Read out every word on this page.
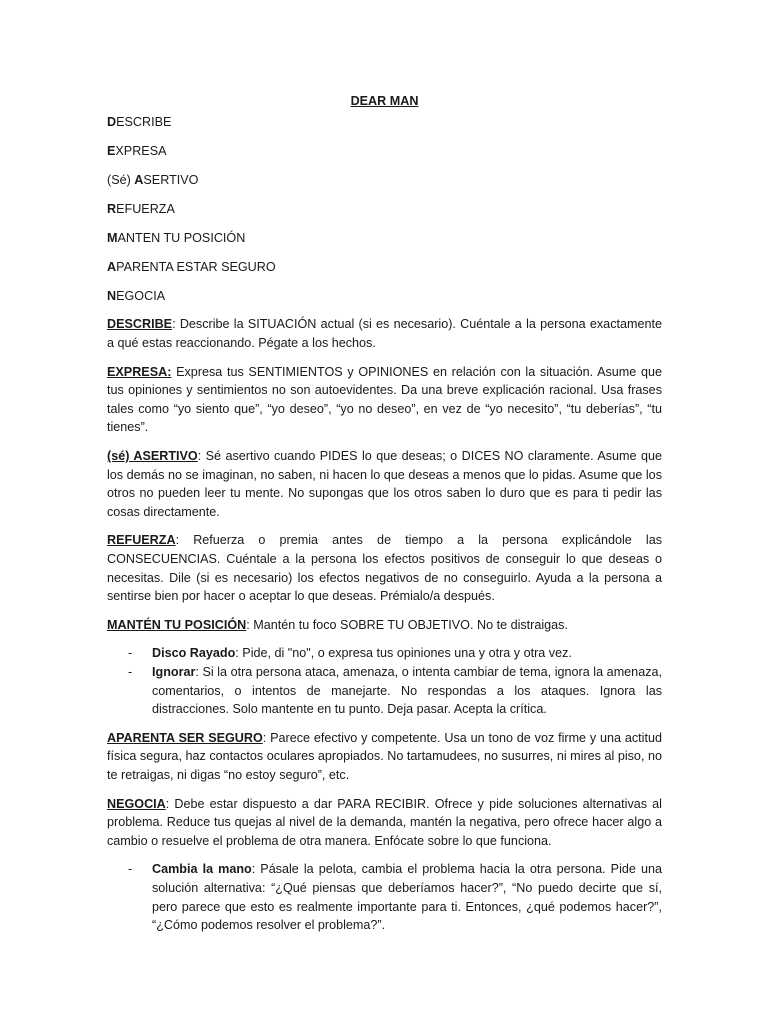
DEAR MAN
DESCRIBE
EXPRESA
(Sé) ASERTIVO
REFUERZA
MANTEN TU POSICIÓN
APARENTA ESTAR SEGURO
NEGOCIA

DESCRIBE: Describe la SITUACIÓN actual (si es necesario). Cuéntale a la persona exactamente a qué estas reaccionando. Pégate a los hechos.

EXPRESA: Expresa tus SENTIMIENTOS y OPINIONES en relación con la situación. Asume que tus opiniones y sentimientos no son autoevidentes. Da una breve explicación racional. Usa frases tales como “yo siento que”, “yo deseo”, “yo no deseo”, en vez de “yo necesito”, “tu deberías”, “tu tienes”.

(sé) ASERTIVO: Sé asertivo cuando PIDES lo que deseas; o DICES NO claramente. Asume que los demás no se imaginan, no saben, ni hacen lo que deseas a menos que lo pidas. Asume que los otros no pueden leer tu mente. No supongas que los otros saben lo duro que es para ti pedir las cosas directamente.

REFUERZA: Refuerza o premia antes de tiempo a la persona explicándole las CONSECUENCIAS. Cuéntale a la persona los efectos positivos de conseguir lo que deseas o necesitas. Dile (si es necesario) los efectos negativos de no conseguirlo. Ayuda a la persona a sentirse bien por hacer o aceptar lo que deseas. Prémialo/a después.

MANTÉN TU POSICIÓN: Mantén tu foco SOBRE TU OBJETIVO. No te distraigas.

- Disco Rayado: Pide, di "no", o expresa tus opiniones una y otra y otra vez.
- Ignorar: Si la otra persona ataca, amenaza, o intenta cambiar de tema, ignora la amenaza, comentarios, o intentos de manejarte. No respondas a los ataques. Ignora las distracciones. Solo mantente en tu punto. Deja pasar. Acepta la crítica.

APARENTA SER SEGURO: Parece efectivo y competente. Usa un tono de voz firme y una actitud física segura, haz contactos oculares apropiados. No tartamudees, no susurres, ni mires al piso, no te retraigas, ni digas “no estoy seguro”, etc.

NEGOCIA: Debe estar dispuesto a dar PARA RECIBIR. Ofrece y pide soluciones alternativas al problema. Reduce tus quejas al nivel de la demanda, mantén la negativa, pero ofrece hacer algo a cambio o resuelve el problema de otra manera. Enfócate sobre lo que funciona.

- Cambia la mano: Pásale la pelota, cambia el problema hacia la otra persona. Pide una solución alternativa: “¿Qué piensas que deberíamos hacer?”, “No puedo decirte que sí, pero parece que esto es realmente importante para ti. Entonces, ¿qué podemos hacer?”, “¿Cómo podemos resolver el problema?”.
